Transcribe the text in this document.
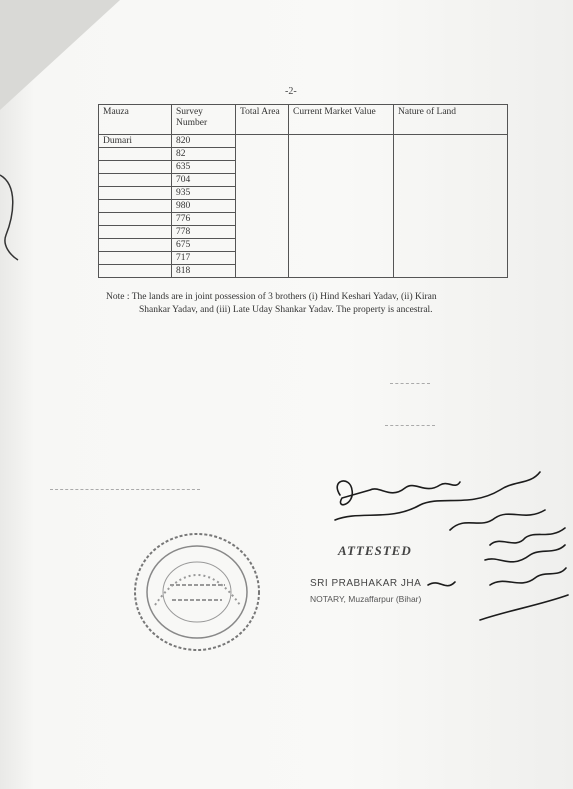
-2-
Mauza	Survey Number	Total Area	Current Market Value	Nature of Land
Dumari	820			
	82			
	635			
	704			
	935			
	980			
	776			
	778			
	675			
	717			
	818			
Note : The lands are in joint possession of 3 brothers (i) Hind Keshari Yadav, (ii) Kiran
Shankar Yadav, and (iii) Late Uday Shankar Yadav. The property is ancestral.
ATTESTED
SRI PRABHAKAR JHA
NOTARY, Muzaffarpur (Bihar)
